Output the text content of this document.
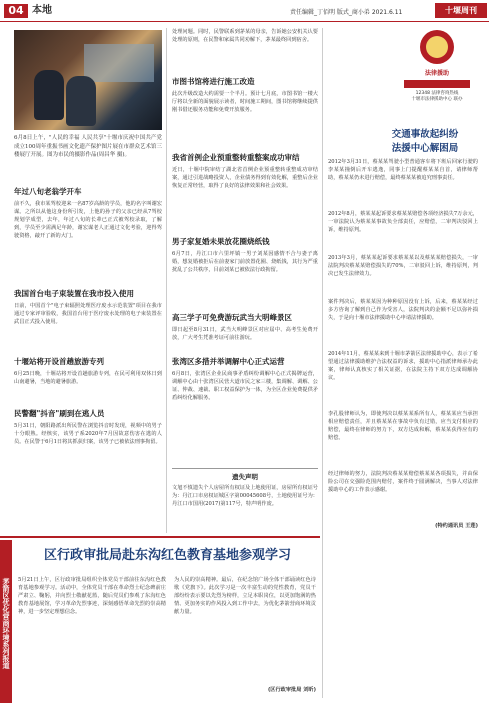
04 本地	责任编辑_丁佰明 版式_商小弟 2021.6.11	十堰周刊
6月8日上午，"人民的幸福 人民共享"十堰市庆祝中国共产党成立100周年重振书画文化遗产保护图片展在市群众艺术馆三楼展厅开展。图为市民的摄影作品(周昌华 摄)。
年过八旬老翁学开车
前不久，我市某驾校迎来一名87岁高龄的学员，他的名字叫谢宏谋。之所以从他这身份所引发，上他的孙子的父亲已经从7驾校规划学成型，去年，年过八旬的长辈已正式被驾校录取，了解到，学员至少需满足年龄，谢宏谋老人正通过文化考验，迎得驾驶资格，敲开了新的大门。
我国首台电子束装置在我市投入使用
日前，中国首个"电子束辐照处理医疗废水示范装置"项目在我市通过专家评审验收，我国首台用于医疗废水处理的电子束装置在武昌正式投入使用。
十堰站将开设首趟旅游专列
6月25日晚，十堰站将开设首趟旅游专列，在民可利用双休日到山南避暑，当地的避暑旅游。
民警翻"抖音"刷到在逃人员
5月31日，朝阳路派出所民警在浏览抖音时发现，视频中的男子十分眼熟。经核实，该男子系2020年7月因故意伤害在逃的人员。在民警于6月1日将其抓获归案，该男子已被依法刑事拘留。
处理问题。同时，民警联系到茅某的母亲，告诉她公安机关认要处理的原则，在民警和家属共同劝解下，茅某最终回到宿舍。
市图书馆将进行施工改造
此次升级改造大约需要一个半月。预计七月底，市图书馆一楼大厅将以全新的面貌展示读者，时间施工期间，图书馆将继续提供刚书借还服务功能和免费开放服务。
我省首例企业预重整转重整案成功审结
近日，十堰中院审结了湖北省首例企业预重整转重整成功审结案，通过引进战略投资人，企业债务得到有效化解，重整后企业恢复正常经营，取得了良好的法律效果和社会效果。
男子家复婚未果放花圈烧纸钱
6月7日，丹江口市六里坪镇一男子刘某因感情不合与妻子离婚，想复婚被拒后在前妻家门前放置花圈、烧纸钱，其行为严重扰乱了公共秩序，目前刘某已被依法行政拘留。
高三学子可免费游玩武当大明峰景区
即日起至8月31日，武当大明峰景区对应届中、高考生免费开放，广大考生凭准考证可前往游玩。
张湾区多措并举调解中心正式运营
6月8日，张湾区企业民商事矛盾纠纷调解中心正式揭牌运营，调解中心由十张湾区民营大道市民之家三楼，集调解、调解、公证、仲裁、速裁、职工权益保护为一体，为全区企业免费提供矛盾纠纷化解服务。
遗失声明
文旭不慎遗失个人房屋所有权证及上地使用证，房屋所有权证号为：丹江口市房权证城区字第00045608号，土地使用证号为：丹江口市国用(2017)第117号，特声明作废。
法律援助
12348 法律咨询热线
十堰市法律援助中心 联办
交通事故起纠纷
法援中心解困局
2012年3月31日，蔡某某驾驶小型普通客车将下班后回家行驶的李某某撞倒后开车逃逸，同事上门提醒蔡某某自首，请律师帮助，蔡某某仍未进行赔偿，最终蔡某某被追究刑事责任。
2012年8月，蔡某某起诉要求蔡某某赔偿各项经济损失7万余元，一审法院认为蔡某某事故负全部责任，应赔偿，二审判决驳回上诉，维持原判。
2013年3月，蔡某某起诉要求蔡某某以及蔡某某赔偿损失，一审法院判决蔡某某赔偿损失的70%，二审驳回上诉，维持原判，判决已发生法律效力。
案件判决后，蔡某某因为种种原因没有上诉，后来，蔡某某经过多方咨询了解到自己作为受害人，法院判决的金额不足以弥补损失，于是向十堰市法律援助中心申请法律援助。
2014年11月，蔡某某来到十堰市茅箭区法律援助中心，表示了希望通过法律援助维护合法权益的诉求，援助中心指派律师承办此案，律师认真核实了相关证据，在法院主持下双方达成调解协议。
李孔股律师认为，即使判决以蔡某某系所有人，蔡某某应当承担相应赔偿责任，并且蔡某某在事故中负有过错，应当支付相应的赔偿，最终在律师的努力下，双方达成和解，蔡某某获得应有的赔偿。
经过律师的努力，法院判决蔡某某赔偿蔡某某各项损失，并由保险公司在交强险范围内赔付，案件终于圆满解决，当事人对法律援助中心的工作表示感谢。
(特约通讯员 王莲)
茅箭区优化营商环境系列报道
区行政审批局赴东沟红色教育基地参观学习
5月21日上午，区行政审批局组织全体党员干部前往东沟红色教育基地参观学习。活动中，全体党员干部在革命烈士纪念碑前庄严肃立、鞠躬，并向烈士敬献花篮，随后党员们参观了东沟红色教育基地展馆，学习革命先烈事迹，深刻感悟革命先烈的崇高精神，进一步坚定理想信念。
为人民的崇高精神。最后，在纪念馆广场全体干部诵读红色诗歌《党旗下》。此次学习是一次丰富生动的党性教育，党员干部纷纷表示要以先烈为榜样，立足本职岗位，以更加饱满的热情、更加务实的作风投入到工作中去，为优化茅箭营商环境贡献力量。
(区行政审批局 刘昕)
